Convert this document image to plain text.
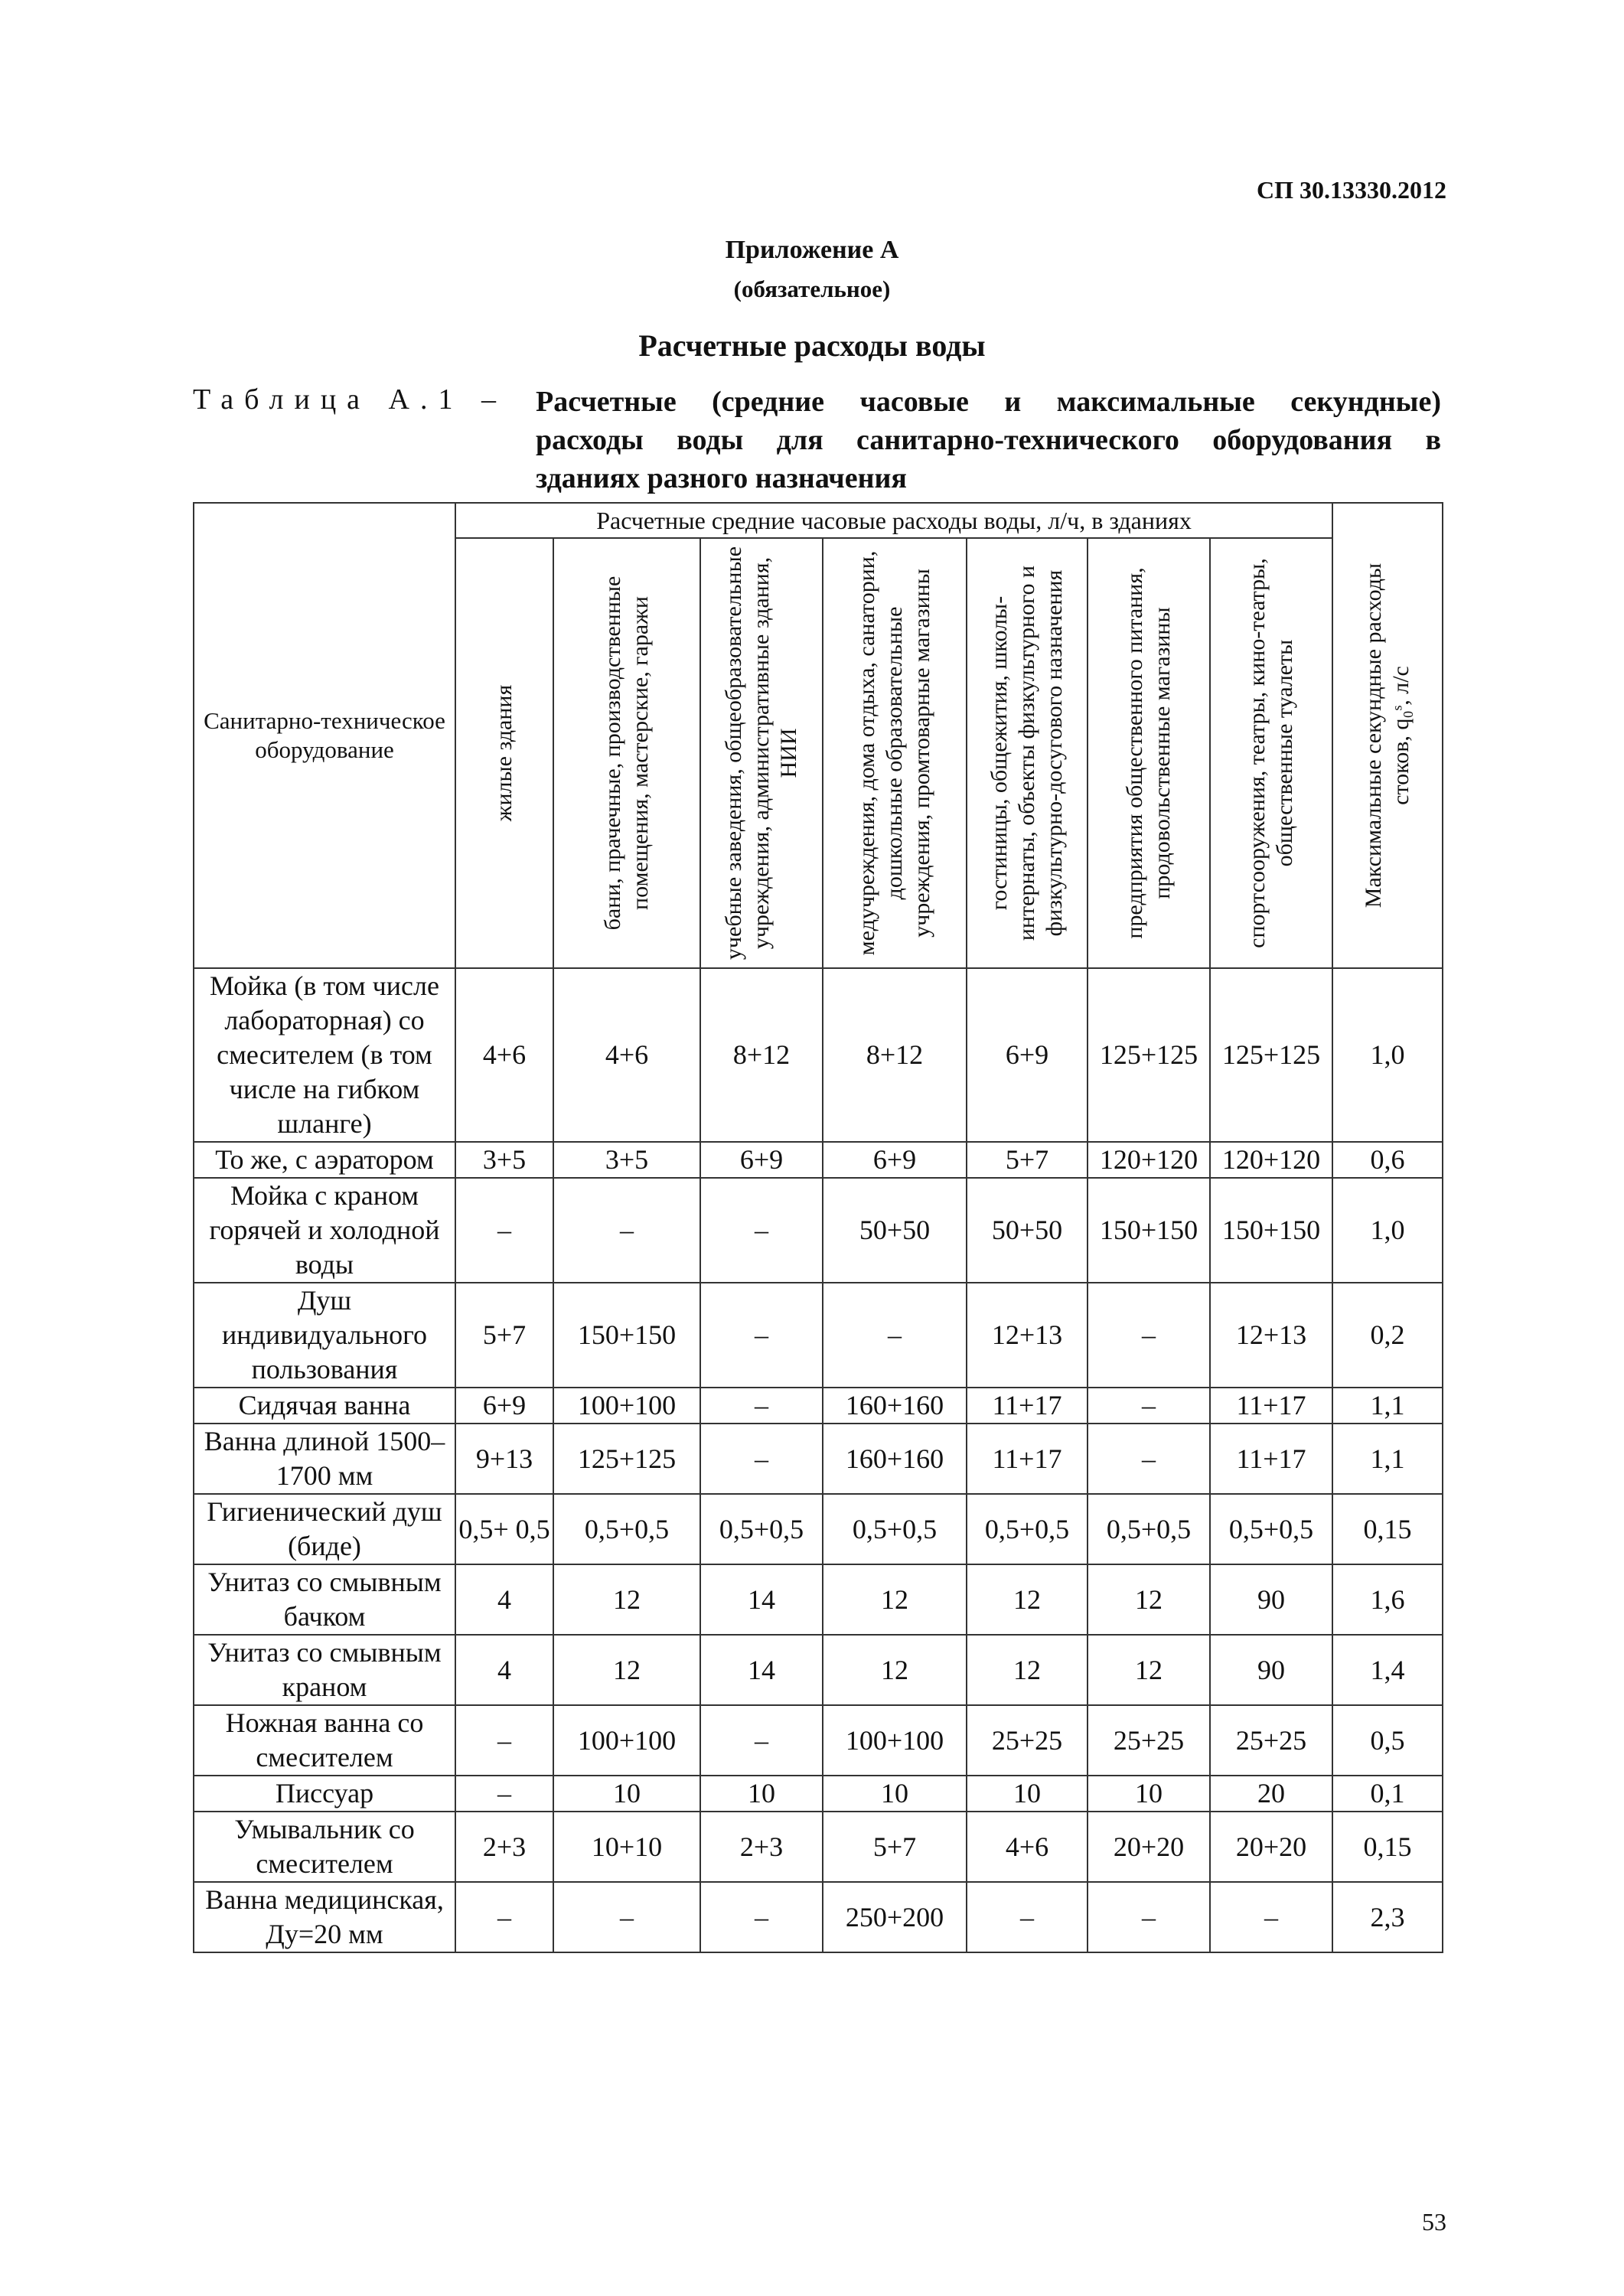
СП 30.13330.2012
Приложение А
(обязательное)
Расчетные расходы воды
Таблица А.1 – Расчетные (средние часовые и максимальные секундные)
расходы воды для санитарно-технического оборудования в
зданиях разного назначения
Санитарно-техническое оборудование	Расчетные средние часовые расходы воды, л/ч, в зданиях							Максимальные секундные расходы стоков, q₀ˢ, л/с

	жилые здания	бани, прачечные, производственные помещения, мастерские, гаражи	учебные заведения, общеобразовательные учреждения, административные здания, НИИ	медучреждения, дома отдыха, санатории, дошкольные образовательные учреждения, промтоварные магазины	гостиницы, общежития, школы-интернаты, объекты физкультурного и физкультурно-досугового назначения	предприятия общественного питания, продовольственные магазины	спортсооружения, театры, кино-театры, общественные туалеты	

Мойка (в том числе лабораторная) со смесителем (в том числе на гибком шланге)	4+6	4+6	8+12	8+12	6+9	125+125	125+125	1,0
То же, с аэратором	3+5	3+5	6+9	6+9	5+7	120+120	120+120	0,6
Мойка с краном горячей и холодной воды	–	–	–	50+50	50+50	150+150	150+150	1,0
Душ индивидуального пользования	5+7	150+150	–	–	12+13	–	12+13	0,2
Сидячая ванна	6+9	100+100	–	160+160	11+17	–	11+17	1,1
Ванна длиной 1500–1700 мм	9+13	125+125	–	160+160	11+17	–	11+17	1,1
Гигиенический душ (биде)	0,5+ 0,5	0,5+0,5	0,5+0,5	0,5+0,5	0,5+0,5	0,5+0,5	0,5+0,5	0,15
Унитаз со смывным бачком	4	12	14	12	12	12	90	1,6
Унитаз со смывным краном	4	12	14	12	12	12	90	1,4
Ножная ванна со смесителем	–	100+100	–	100+100	25+25	25+25	25+25	0,5
Писсуар	–	10	10	10	10	10	20	0,1
Умывальник со смесителем	2+3	10+10	2+3	5+7	4+6	20+20	20+20	0,15
Ванна медицинская, Ду=20 мм	–	–	–	250+200	–	–	–	2,3
53
